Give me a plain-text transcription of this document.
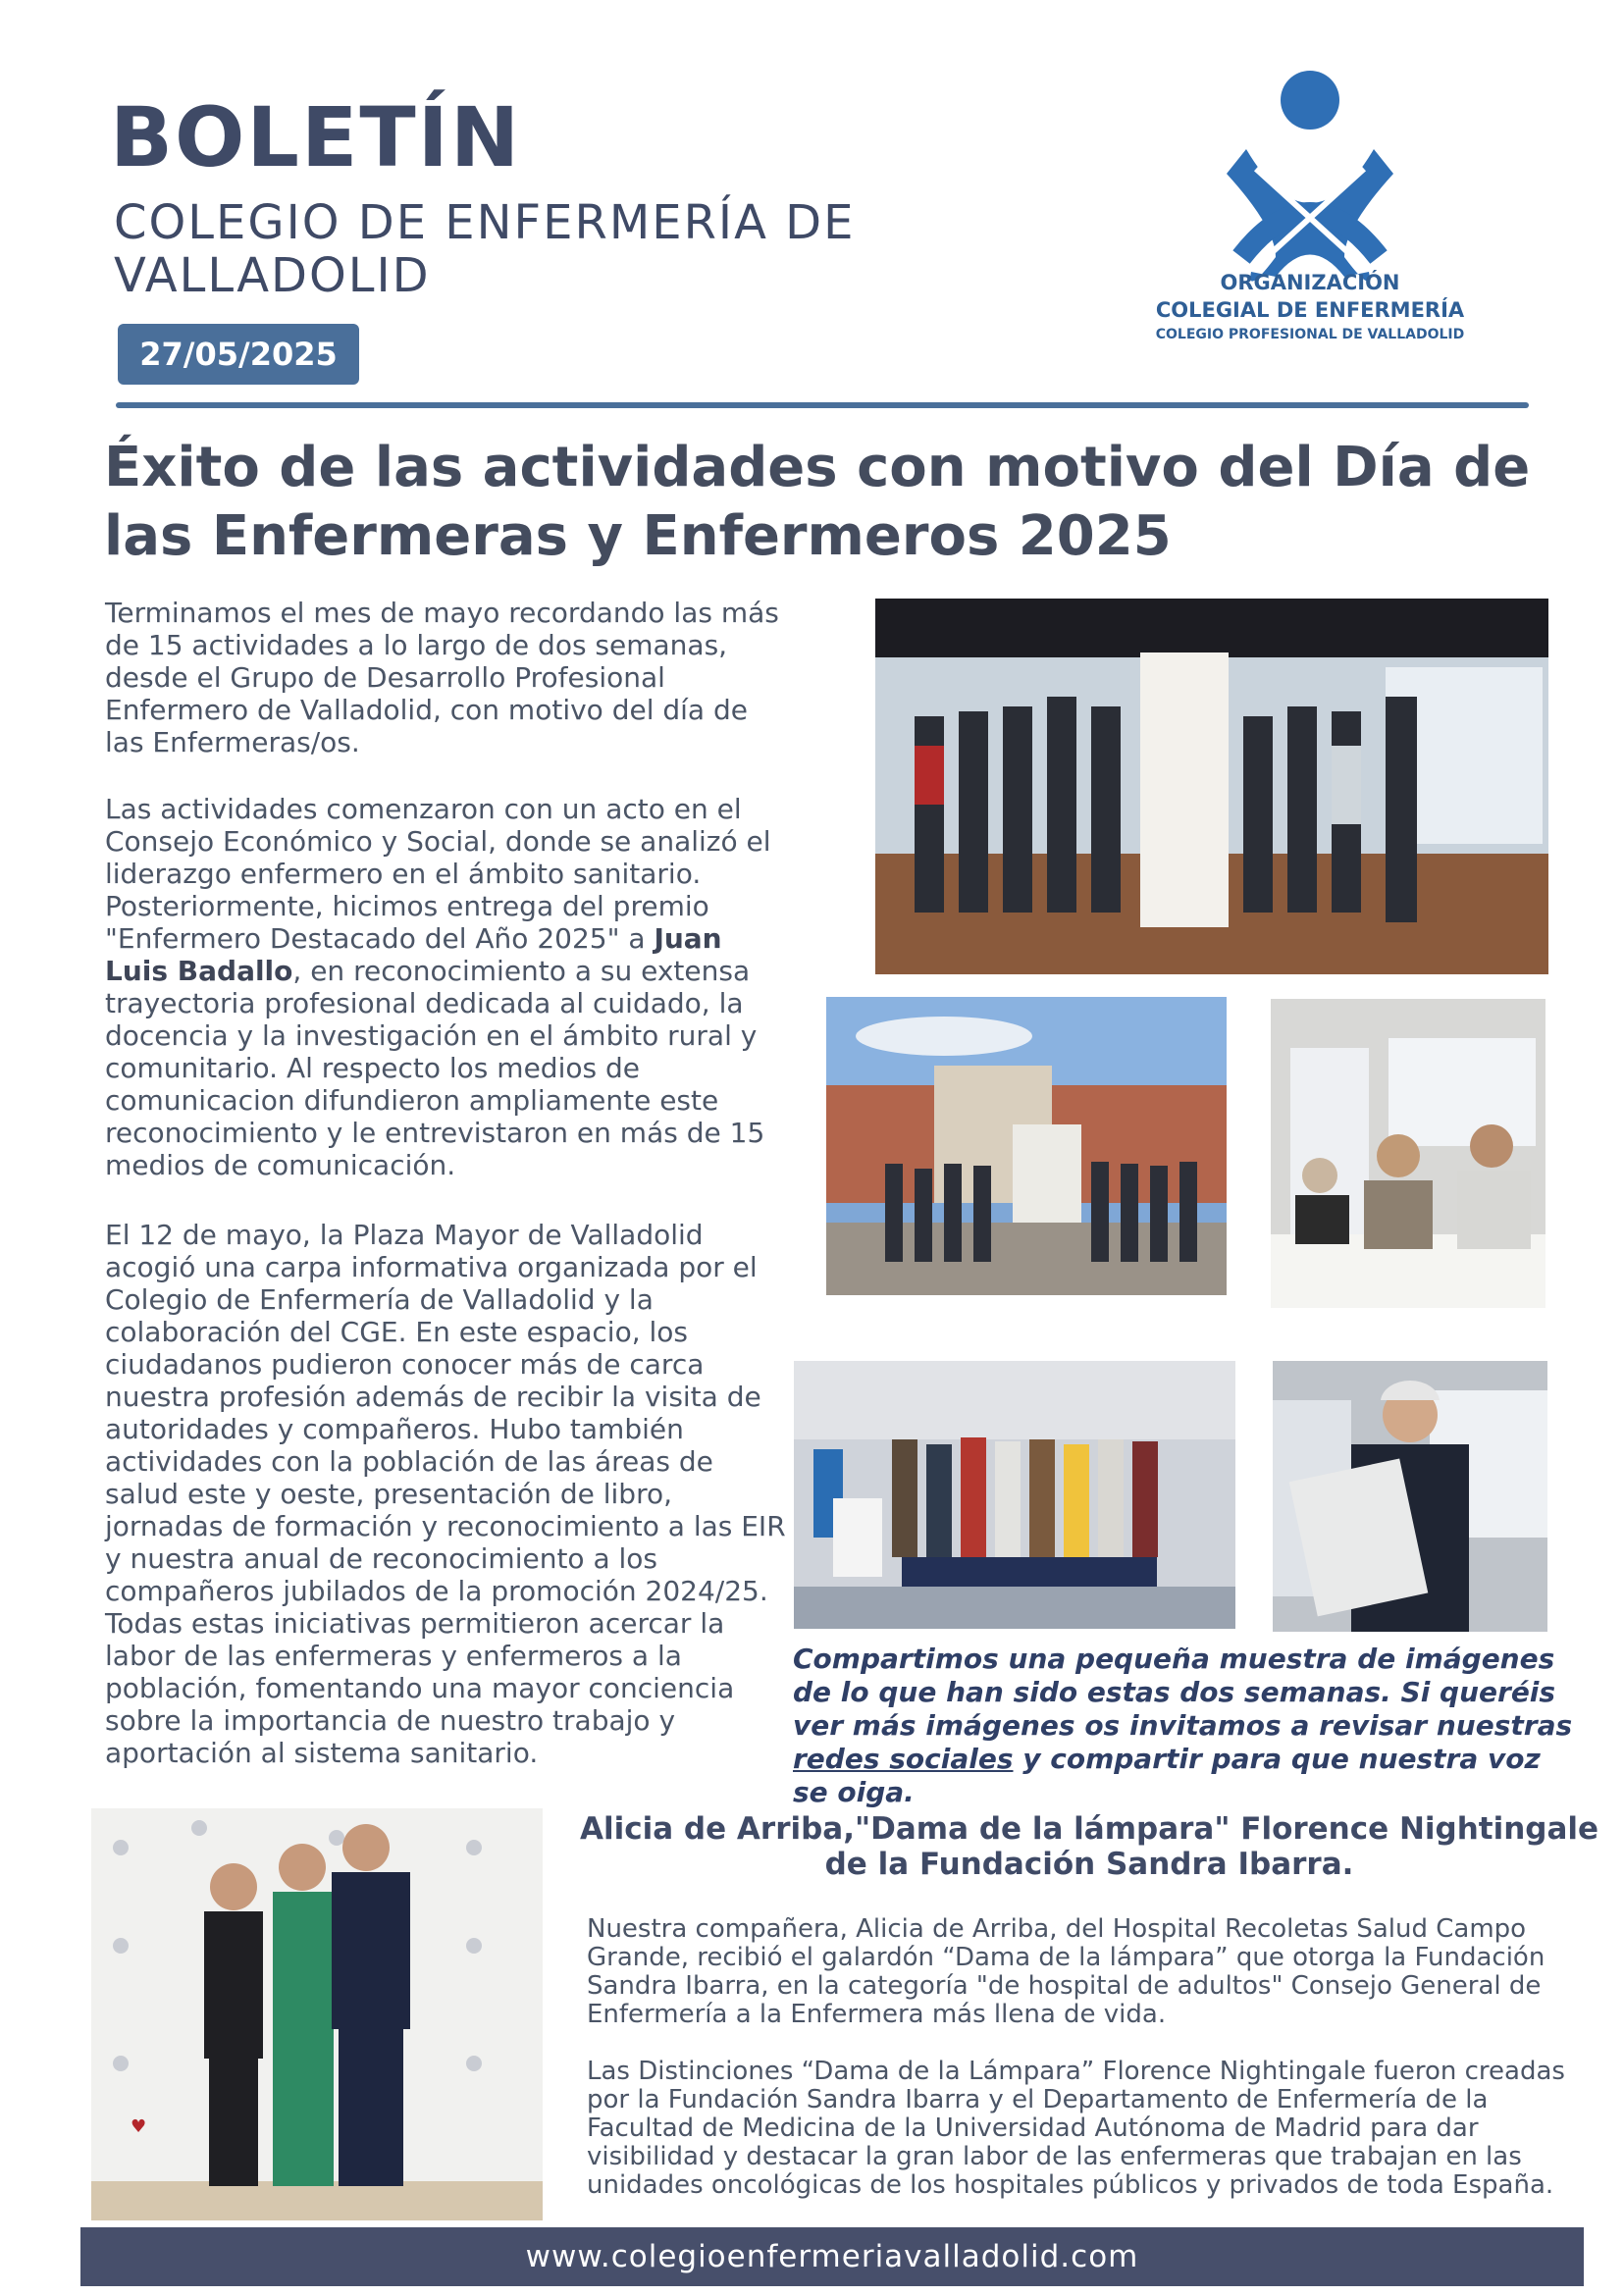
BOLETÍN
COLEGIO DE ENFERMERÍA DE VALLADOLID
27/05/2025
ORGANIZACIÓN
COLEGIAL DE ENFERMERÍA
COLEGIO PROFESIONAL DE VALLADOLID
Éxito de las actividades con motivo del Día de las Enfermeras y Enfermeros 2025

Terminamos el mes de mayo recordando las más de 15 actividades a lo largo de dos semanas, desde el Grupo de Desarrollo Profesional Enfermero de Valladolid, con motivo del día de las Enfermeras/os.

Las actividades comenzaron con un acto en el Consejo Económico y Social, donde se analizó el liderazgo enfermero en el ámbito sanitario. Posteriormente, hicimos entrega del premio "Enfermero Destacado del Año 2025" a Juan Luis Badallo, en reconocimiento a su extensa trayectoria profesional dedicada al cuidado, la docencia y la investigación en el ámbito rural y comunitario. Al respecto los medios de comunicacion difundieron ampliamente este reconocimiento y le entrevistaron en más de 15 medios de comunicación.

El 12 de mayo, la Plaza Mayor de Valladolid acogió una carpa informativa organizada por el Colegio de Enfermería de Valladolid y la colaboración del CGE. En este espacio, los ciudadanos pudieron conocer más de carca nuestra profesión además de recibir la visita de autoridades y compañeros. Hubo también actividades con la población de las áreas de salud este y oeste, presentación de libro, jornadas de formación y reconocimiento a las EIR y nuestra anual de reconocimiento a los compañeros jubilados de la promoción 2024/25. Todas estas iniciativas permitieron acercar la labor de las enfermeras y enfermeros a la población, fomentando una mayor conciencia sobre la importancia de nuestro trabajo y aportación al sistema sanitario.

Compartimos una pequeña muestra de imágenes de lo que han sido estas dos semanas. Si queréis ver más imágenes os invitamos a revisar nuestras redes sociales y compartir para que nuestra voz se oiga.
♥
Alicia de Arriba,"Dama de la lámpara" Florence Nightingale de la Fundación Sandra Ibarra.

Nuestra compañera, Alicia de Arriba, del Hospital Recoletas Salud Campo Grande, recibió el galardón “Dama de la lámpara” que otorga la Fundación Sandra Ibarra, en la categoría "de hospital de adultos" Consejo General de Enfermería a la Enfermera más llena de vida.

Las Distinciones “Dama de la Lámpara” Florence Nightingale fueron creadas por la Fundación Sandra Ibarra y el Departamento de Enfermería de la Facultad de Medicina de la Universidad Autónoma de Madrid para dar visibilidad y destacar la gran labor de las enfermeras que trabajan en las unidades oncológicas de los hospitales públicos y privados de toda España.

www.colegioenfermeriavalladolid.com
